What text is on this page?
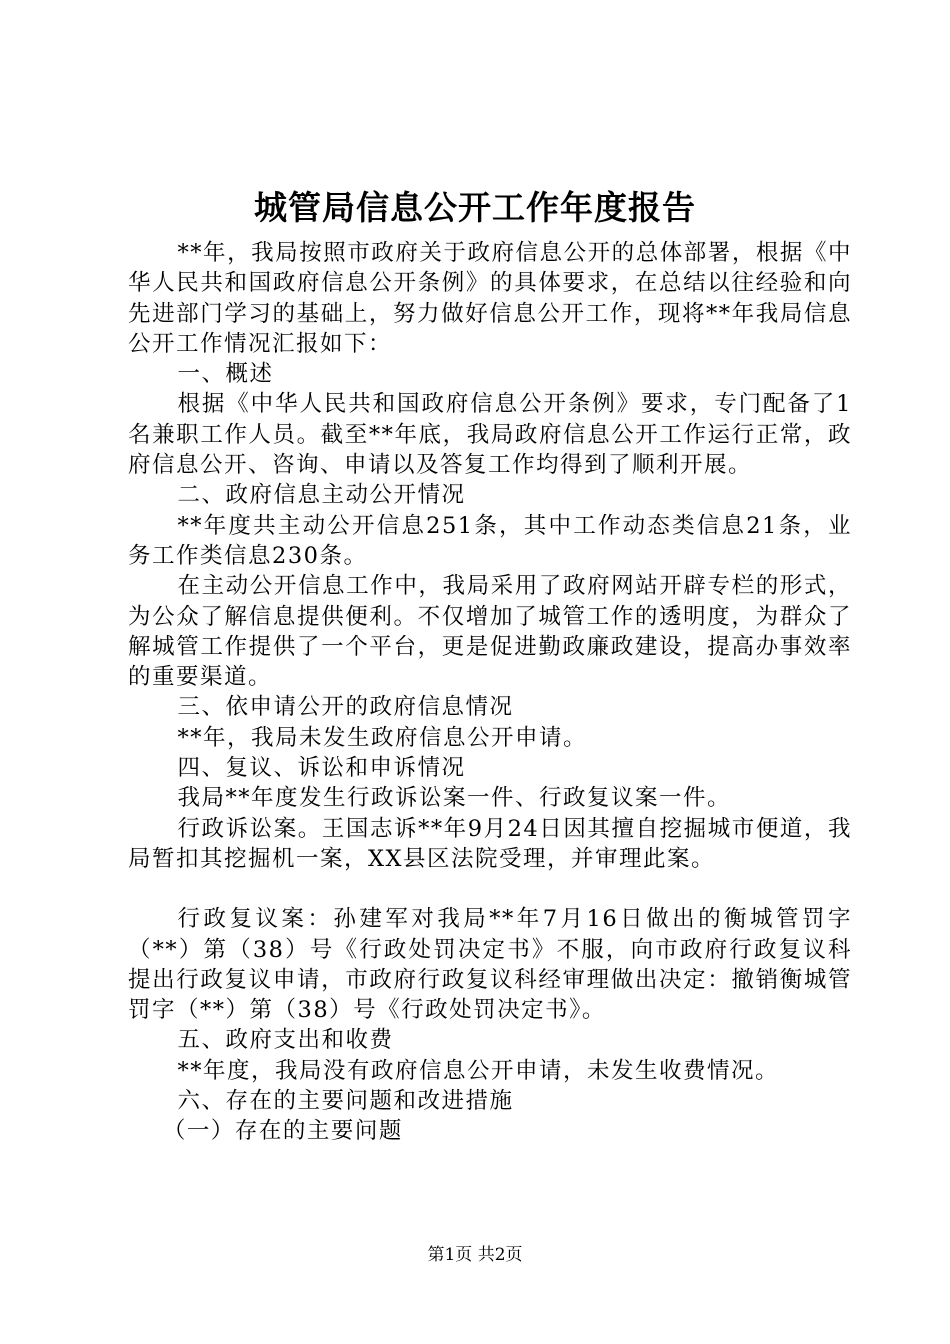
城管局信息公开工作年度报告

**年，我局按照市政府关于政府信息公开的总体部署，根据《中华人民共和国政府信息公开条例》的具体要求，在总结以往经验和向先进部门学习的基础上，努力做好信息公开工作，现将**年我局信息公开工作情况汇报如下：

一、概述

根据《中华人民共和国政府信息公开条例》要求，专门配备了1名兼职工作人员。截至**年底，我局政府信息公开工作运行正常，政府信息公开、咨询、申请以及答复工作均得到了顺利开展。

二、政府信息主动公开情况

**年度共主动公开信息251条，其中工作动态类信息21条，业务工作类信息230条。

在主动公开信息工作中，我局采用了政府网站开辟专栏的形式，为公众了解信息提供便利。不仅增加了城管工作的透明度，为群众了解城管工作提供了一个平台，更是促进勤政廉政建设，提高办事效率的重要渠道。

三、依申请公开的政府信息情况

**年，我局未发生政府信息公开申请。

四、复议、诉讼和申诉情况

我局**年度发生行政诉讼案一件、行政复议案一件。

行政诉讼案。王国志诉**年9月24日因其擅自挖掘城市便道，我局暂扣其挖掘机一案，XX县区法院受理，并审理此案。

行政复议案：孙建军对我局**年7月16日做出的衡城管罚字（**）第（38）号《行政处罚决定书》不服，向市政府行政复议科提出行政复议申请，市政府行政复议科经审理做出决定：撤销衡城管罚字（**）第（38）号《行政处罚决定书》。

五、政府支出和收费

**年度，我局没有政府信息公开申请，未发生收费情况。

六、存在的主要问题和改进措施

（一）存在的主要问题

第1页 共2页
